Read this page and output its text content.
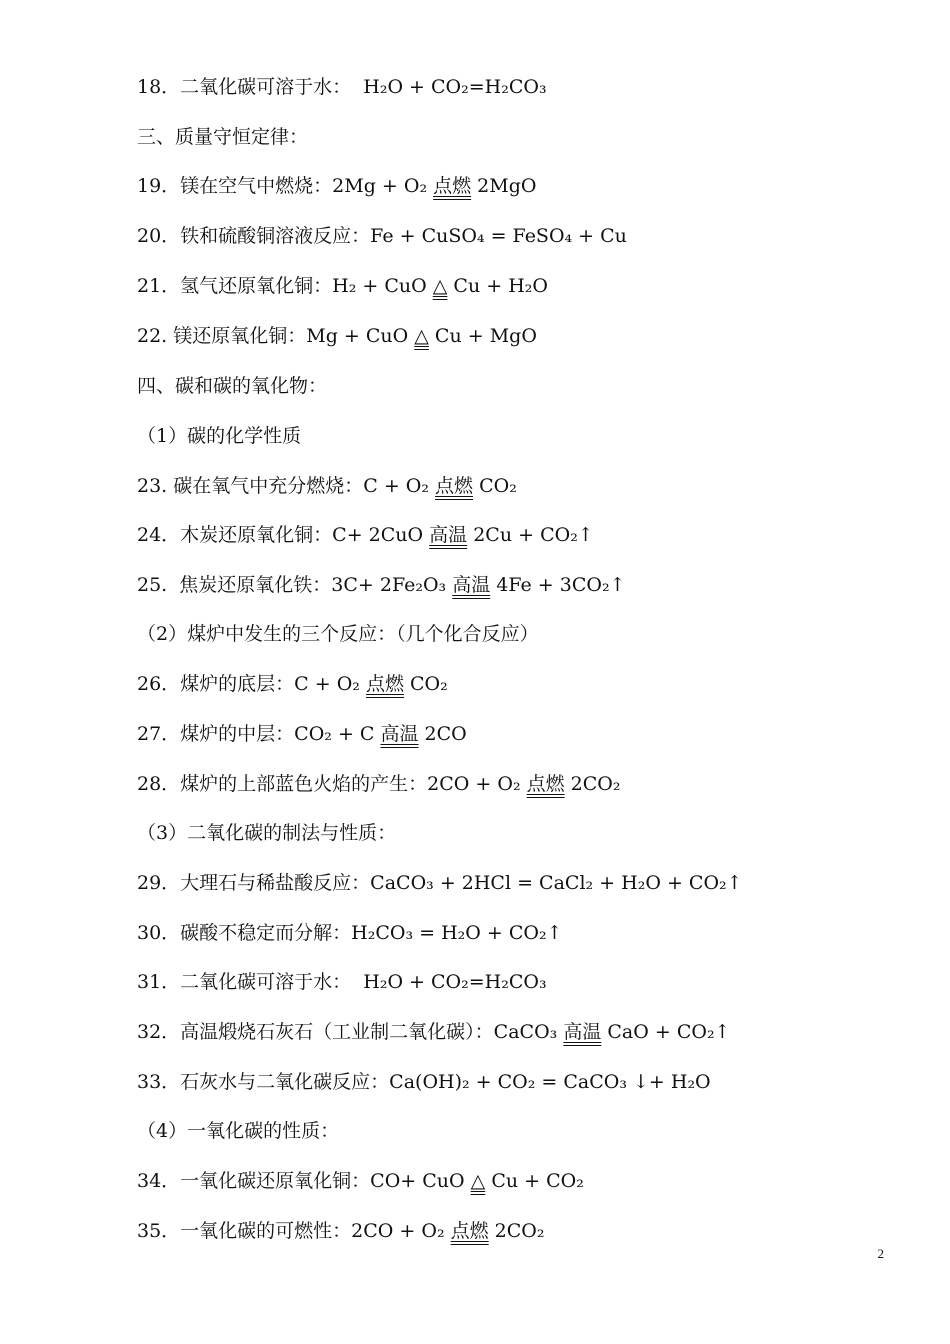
18．二氧化碳可溶于水：  H₂O + CO₂=H₂CO₃
三、质量守恒定律：
19．镁在空气中燃烧：2Mg + O₂ 点燃 2MgO
20．铁和硫酸铜溶液反应：Fe + CuSO₄ = FeSO₄ + Cu
21．氢气还原氧化铜：H₂ + CuO △ Cu + H₂O
22. 镁还原氧化铜：Mg + CuO △ Cu + MgO
四、碳和碳的氧化物：
（1）碳的化学性质
23. 碳在氧气中充分燃烧：C + O₂ 点燃 CO₂
24．木炭还原氧化铜：C+ 2CuO 高温 2Cu + CO₂↑
25.  焦炭还原氧化铁：3C+ 2Fe₂O₃ 高温 4Fe + 3CO₂↑
（2）煤炉中发生的三个反应：（几个化合反应）
26．煤炉的底层：C + O₂ 点燃 CO₂
27．煤炉的中层：CO₂ + C 高温 2CO
28．煤炉的上部蓝色火焰的产生：2CO + O₂ 点燃 2CO₂
（3）二氧化碳的制法与性质：
29．大理石与稀盐酸反应：CaCO₃ + 2HCl = CaCl₂ + H₂O + CO₂↑
30．碳酸不稳定而分解：H₂CO₃ = H₂O + CO₂↑
31．二氧化碳可溶于水：  H₂O + CO₂=H₂CO₃
32．高温煅烧石灰石（工业制二氧化碳）：CaCO₃ 高温 CaO + CO₂↑
33．石灰水与二氧化碳反应：Ca(OH)₂ + CO₂ = CaCO₃ ↓+ H₂O
（4）一氧化碳的性质：
34．一氧化碳还原氧化铜：CO+ CuO △ Cu + CO₂
35．一氧化碳的可燃性：2CO + O₂ 点燃 2CO₂
2
